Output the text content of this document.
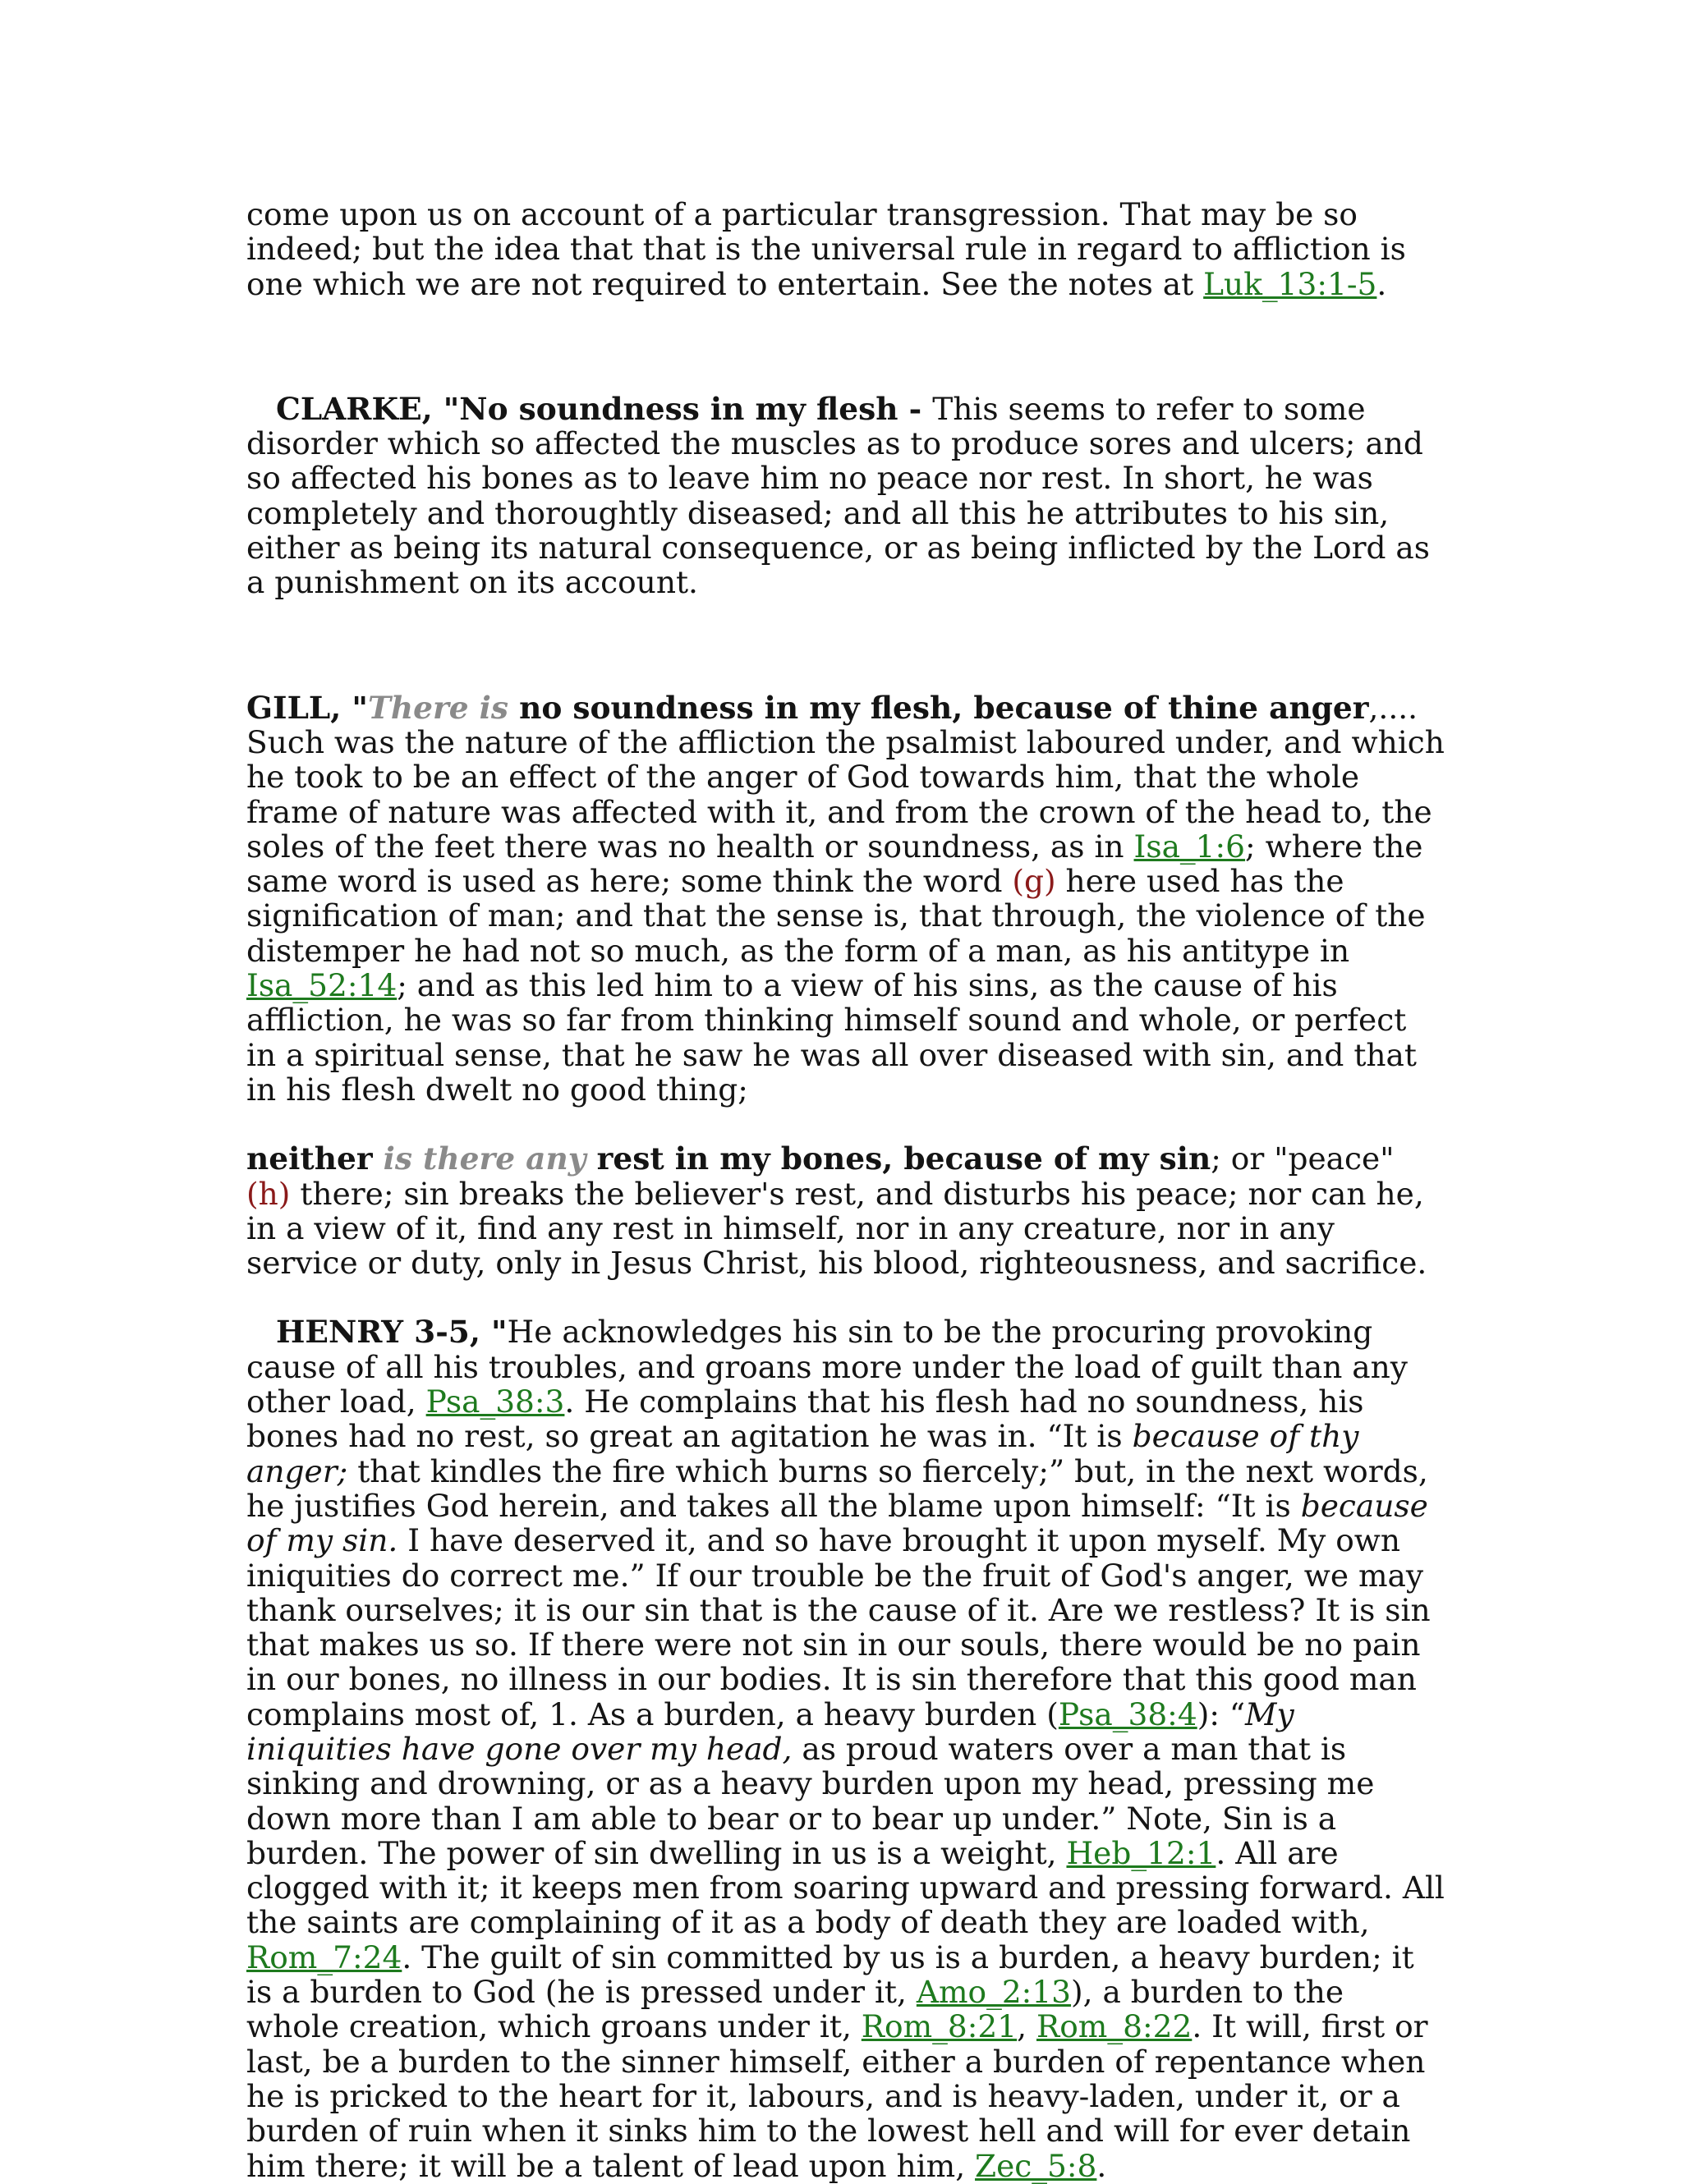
come upon us on account of a particular transgression. That may be so indeed; but the idea that that is the universal rule in regard to affliction is one which we are not required to entertain. See the notes at Luk_13:1-5.

CLARKE, "No soundness in my flesh - This seems to refer to some disorder which so affected the muscles as to produce sores and ulcers; and so affected his bones as to leave him no peace nor rest. In short, he was completely and thoroughtly diseased; and all this he attributes to his sin, either as being its natural consequence, or as being inflicted by the Lord as a punishment on its account.

GILL, "There is no soundness in my flesh, because of thine anger,.... Such was the nature of the affliction the psalmist laboured under, and which he took to be an effect of the anger of God towards him, that the whole frame of nature was affected with it, and from the crown of the head to, the soles of the feet there was no health or soundness, as in Isa_1:6; where the same word is used as here; some think the word (g) here used has the signification of man; and that the sense is, that through, the violence of the distemper he had not so much, as the form of a man, as his antitype in Isa_52:14; and as this led him to a view of his sins, as the cause of his affliction, he was so far from thinking himself sound and whole, or perfect in a spiritual sense, that he saw he was all over diseased with sin, and that in his flesh dwelt no good thing;

neither is there any rest in my bones, because of my sin; or "peace" (h) there; sin breaks the believer's rest, and disturbs his peace; nor can he, in a view of it, find any rest in himself, nor in any creature, nor in any service or duty, only in Jesus Christ, his blood, righteousness, and sacrifice.

HENRY 3-5, "He acknowledges his sin to be the procuring provoking cause of all his troubles, and groans more under the load of guilt than any other load, Psa_38:3. He complains that his flesh had no soundness, his bones had no rest, so great an agitation he was in. “It is because of thy anger; that kindles the fire which burns so fiercely;” but, in the next words, he justifies God herein, and takes all the blame upon himself: “It is because of my sin. I have deserved it, and so have brought it upon myself. My own iniquities do correct me.” If our trouble be the fruit of God's anger, we may thank ourselves; it is our sin that is the cause of it. Are we restless? It is sin that makes us so. If there were not sin in our souls, there would be no pain in our bones, no illness in our bodies. It is sin therefore that this good man complains most of, 1. As a burden, a heavy burden (Psa_38:4): “My iniquities have gone over my head, as proud waters over a man that is sinking and drowning, or as a heavy burden upon my head, pressing me down more than I am able to bear or to bear up under.” Note, Sin is a burden. The power of sin dwelling in us is a weight, Heb_12:1. All are clogged with it; it keeps men from soaring upward and pressing forward. All the saints are complaining of it as a body of death they are loaded with, Rom_7:24. The guilt of sin committed by us is a burden, a heavy burden; it is a burden to God (he is pressed under it, Amo_2:13), a burden to the whole creation, which groans under it, Rom_8:21, Rom_8:22. It will, first or last, be a burden to the sinner himself, either a burden of repentance when he is pricked to the heart for it, labours, and is heavy-laden, under it, or a burden of ruin when it sinks him to the lowest hell and will for ever detain him there; it will be a talent of lead upon him, Zec_5:8.
